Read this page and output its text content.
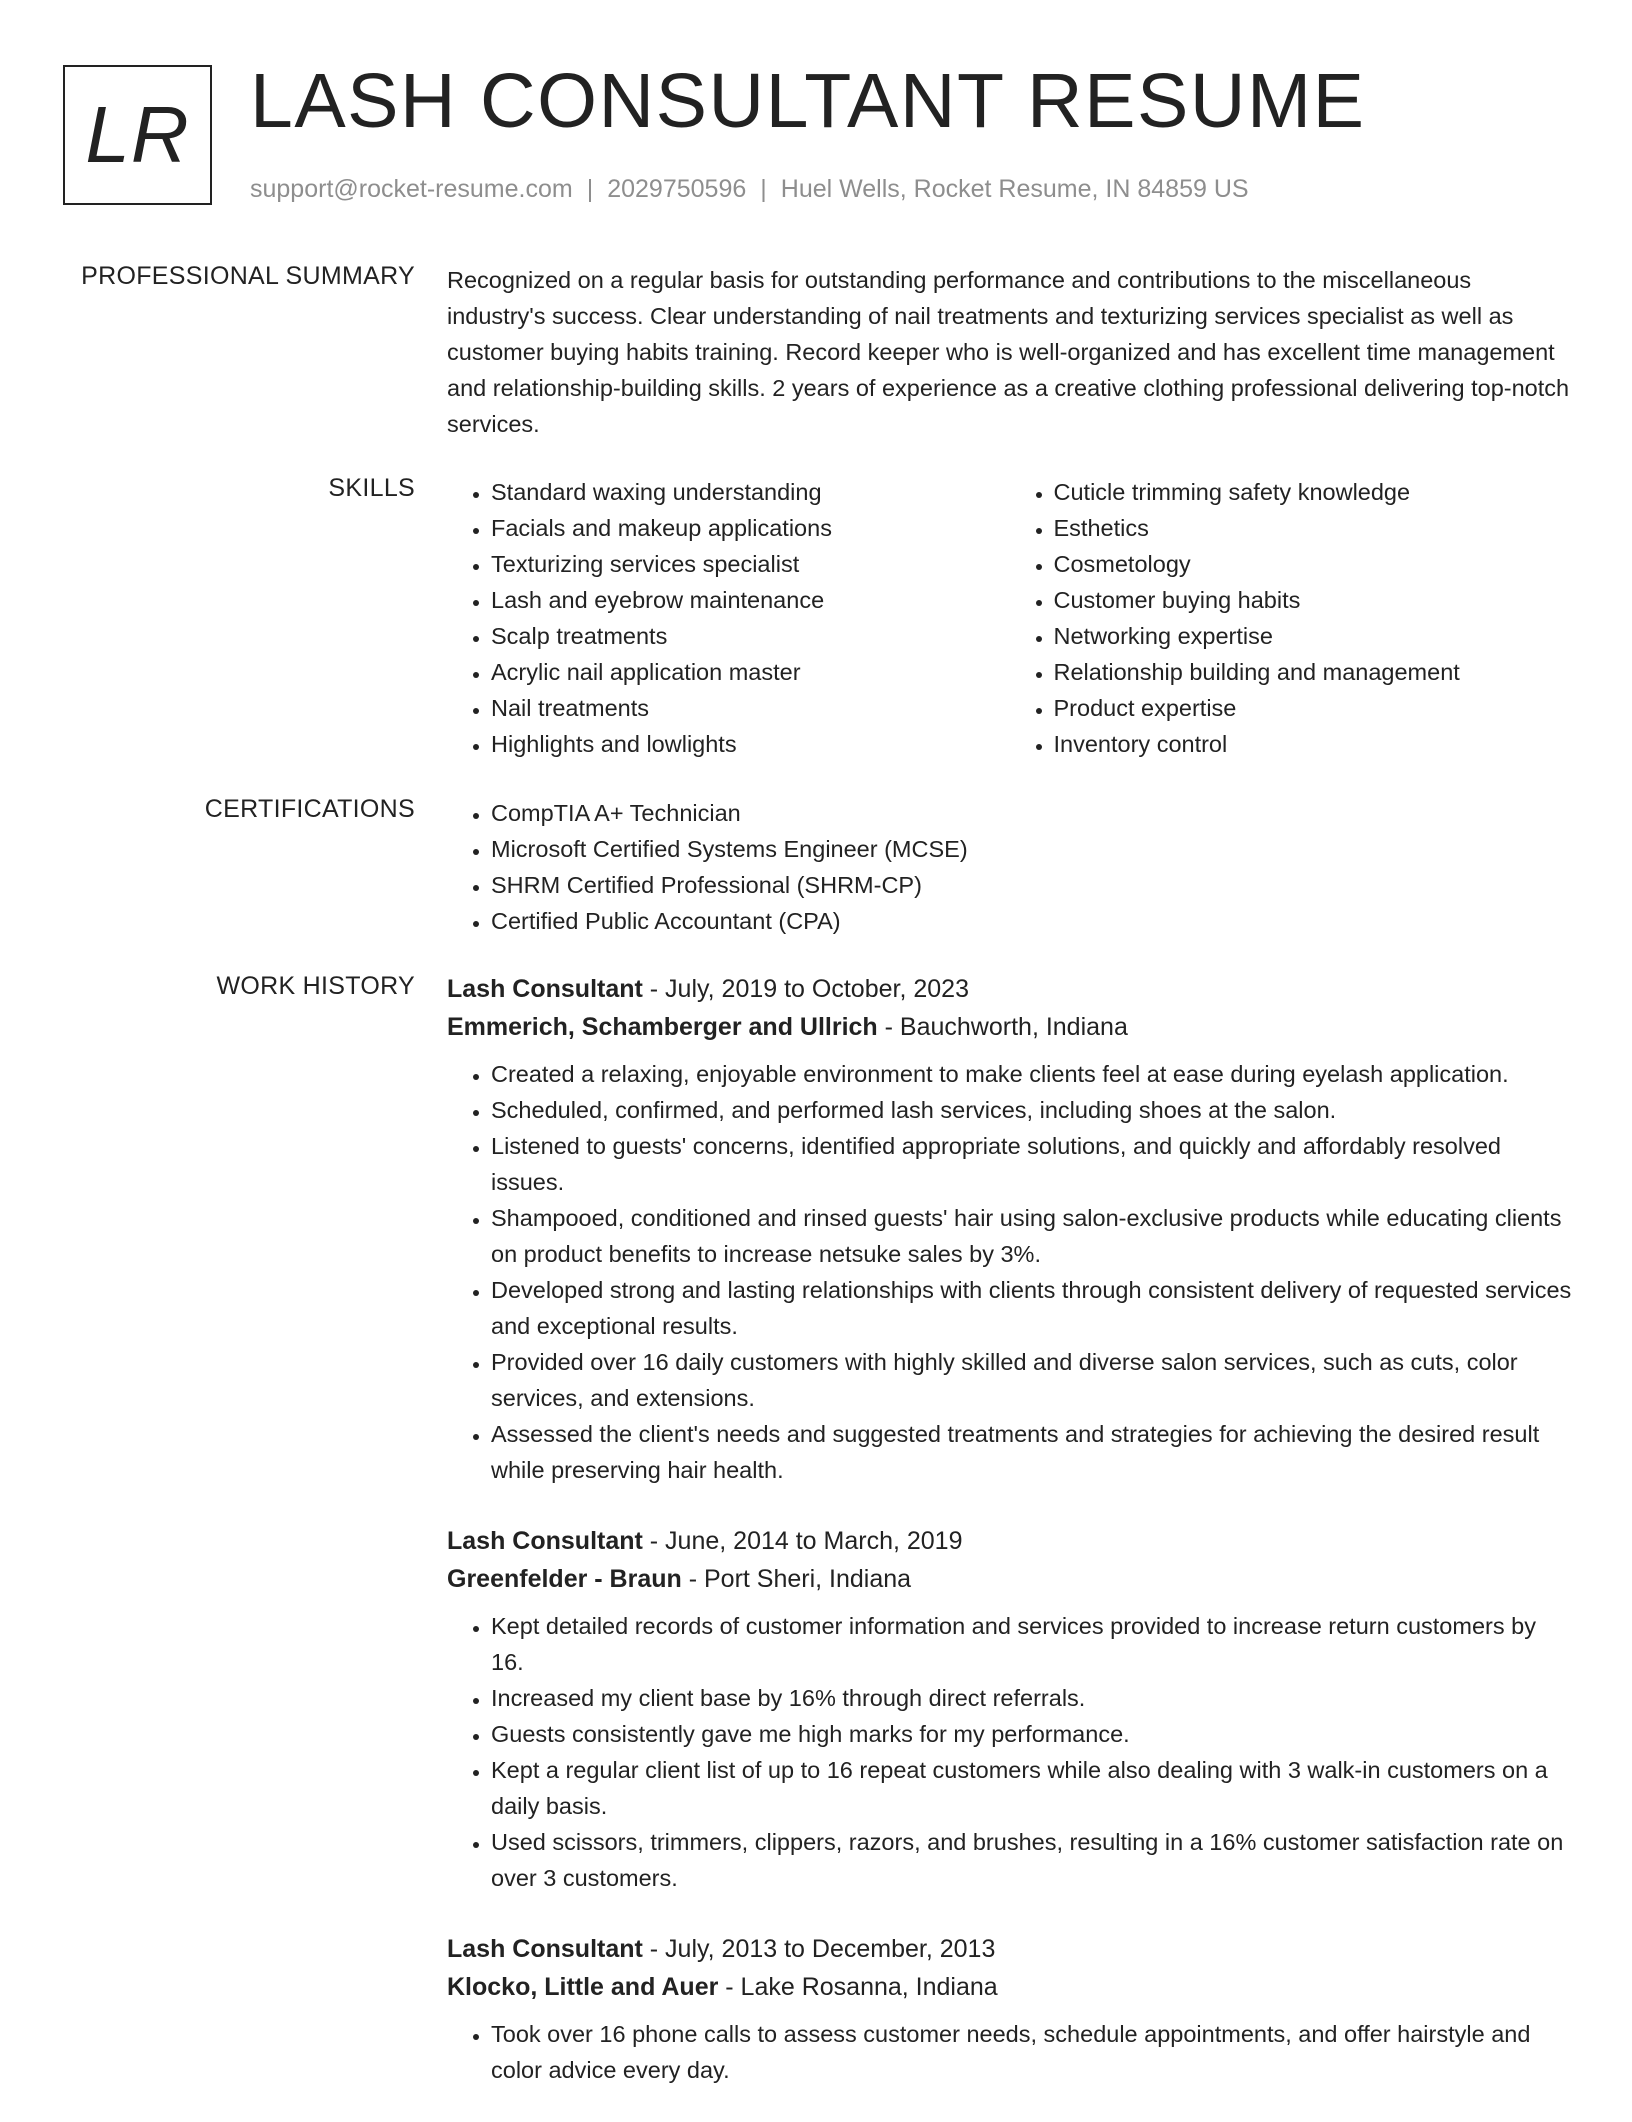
LR LASH CONSULTANT RESUME
support@rocket-resume.com | 2029750596 | Huel Wells, Rocket Resume, IN 84859 US
PROFESSIONAL SUMMARY Recognized on a regular basis for outstanding performance and contributions to the miscellaneous industry's success. Clear understanding of nail treatments and texturizing services specialist as well as customer buying habits training. Record keeper who is well-organized and has excellent time management and relationship-building skills. 2 years of experience as a creative clothing professional delivering top-notch services.

SKILLS	• Standard waxing understanding
• Facials and makeup applications
• Texturizing services specialist
• Lash and eyebrow maintenance
• Scalp treatments
• Acrylic nail application master
• Nail treatments
• Highlights and lowlights
• Cuticle trimming safety knowledge
• Esthetics
• Cosmetology
• Customer buying habits
• Networking expertise
• Relationship building and management
• Product expertise
• Inventory control
CERTIFICATIONS	• CompTIA A+ Technician
• Microsoft Certified Systems Engineer (MCSE)
• SHRM Certified Professional (SHRM-CP)
• Certified Public Accountant (CPA)
WORK HISTORY Lash Consultant - July, 2019 to October, 2023
Emmerich, Schamberger and Ullrich - Bauchworth, Indiana
• Created a relaxing, enjoyable environment to make clients feel at ease during eyelash application.
• Scheduled, confirmed, and performed lash services, including shoes at the salon.
• Listened to guests' concerns, identified appropriate solutions, and quickly and affordably resolved issues.
• Shampooed, conditioned and rinsed guests' hair using salon-exclusive products while educating clients on product benefits to increase netsuke sales by 3%.
• Developed strong and lasting relationships with clients through consistent delivery of requested services and exceptional results.
• Provided over 16 daily customers with highly skilled and diverse salon services, such as cuts, color services, and extensions.
• Assessed the client's needs and suggested treatments and strategies for achieving the desired result while preserving hair health.
Lash Consultant - June, 2014 to March, 2019
Greenfelder - Braun - Port Sheri, Indiana
• Kept detailed records of customer information and services provided to increase return customers by 16.
• Increased my client base by 16% through direct referrals.
• Guests consistently gave me high marks for my performance.
• Kept a regular client list of up to 16 repeat customers while also dealing with 3 walk-in customers on a daily basis.
• Used scissors, trimmers, clippers, razors, and brushes, resulting in a 16% customer satisfaction rate on over 3 customers.
Lash Consultant - July, 2013 to December, 2013
Klocko, Little and Auer - Lake Rosanna, Indiana
• Took over 16 phone calls to assess customer needs, schedule appointments, and offer hairstyle and color advice every day.
